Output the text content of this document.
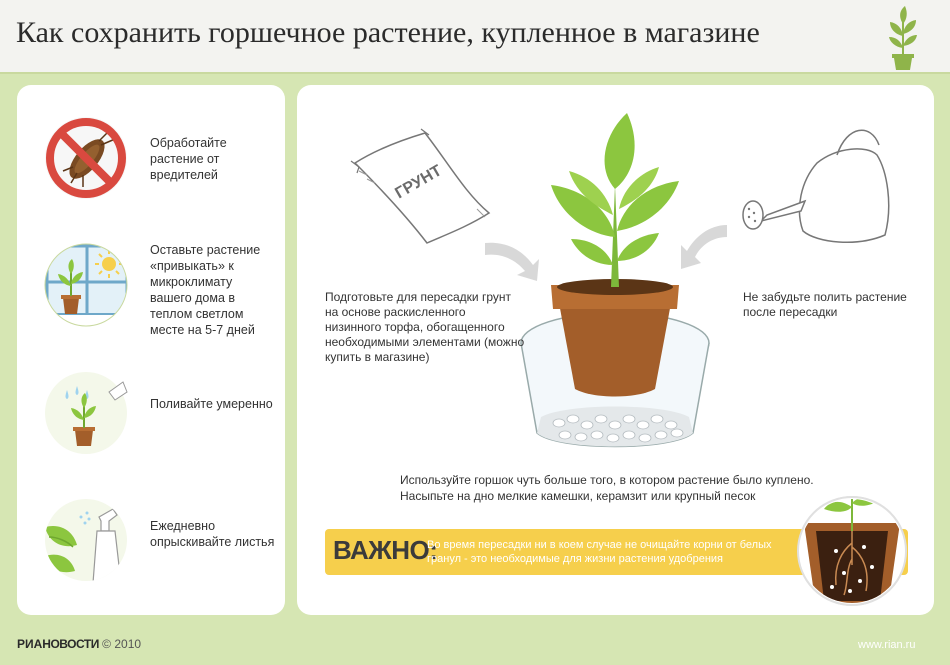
Как сохранить горшечное растение, купленное в магазине
Обработайте растение от вредителей
Оставьте растение «привыкать» к микроклимату вашего дома в теплом светлом месте на 5-7 дней
Поливайте умеренно
Ежедневно опрыскивайте листья
ГРУНТ
Подготовьте для пересадки грунт на основе раскисленного низинного торфа, обогащенного необходимыми элементами (можно купить в магазине)
Не забудьте полить растение после пересадки
Используйте горшок чуть больше того, в котором растение было куплено.
Насыпьте на дно мелкие камешки, керамзит или крупный песок
ВАЖНО:
Во время пересадки ни в коем случае не очищайте корни от белых гранул - это необходимые для жизни растения удобрения
РИАНОВОСТИ © 2010	www.rian.ru
